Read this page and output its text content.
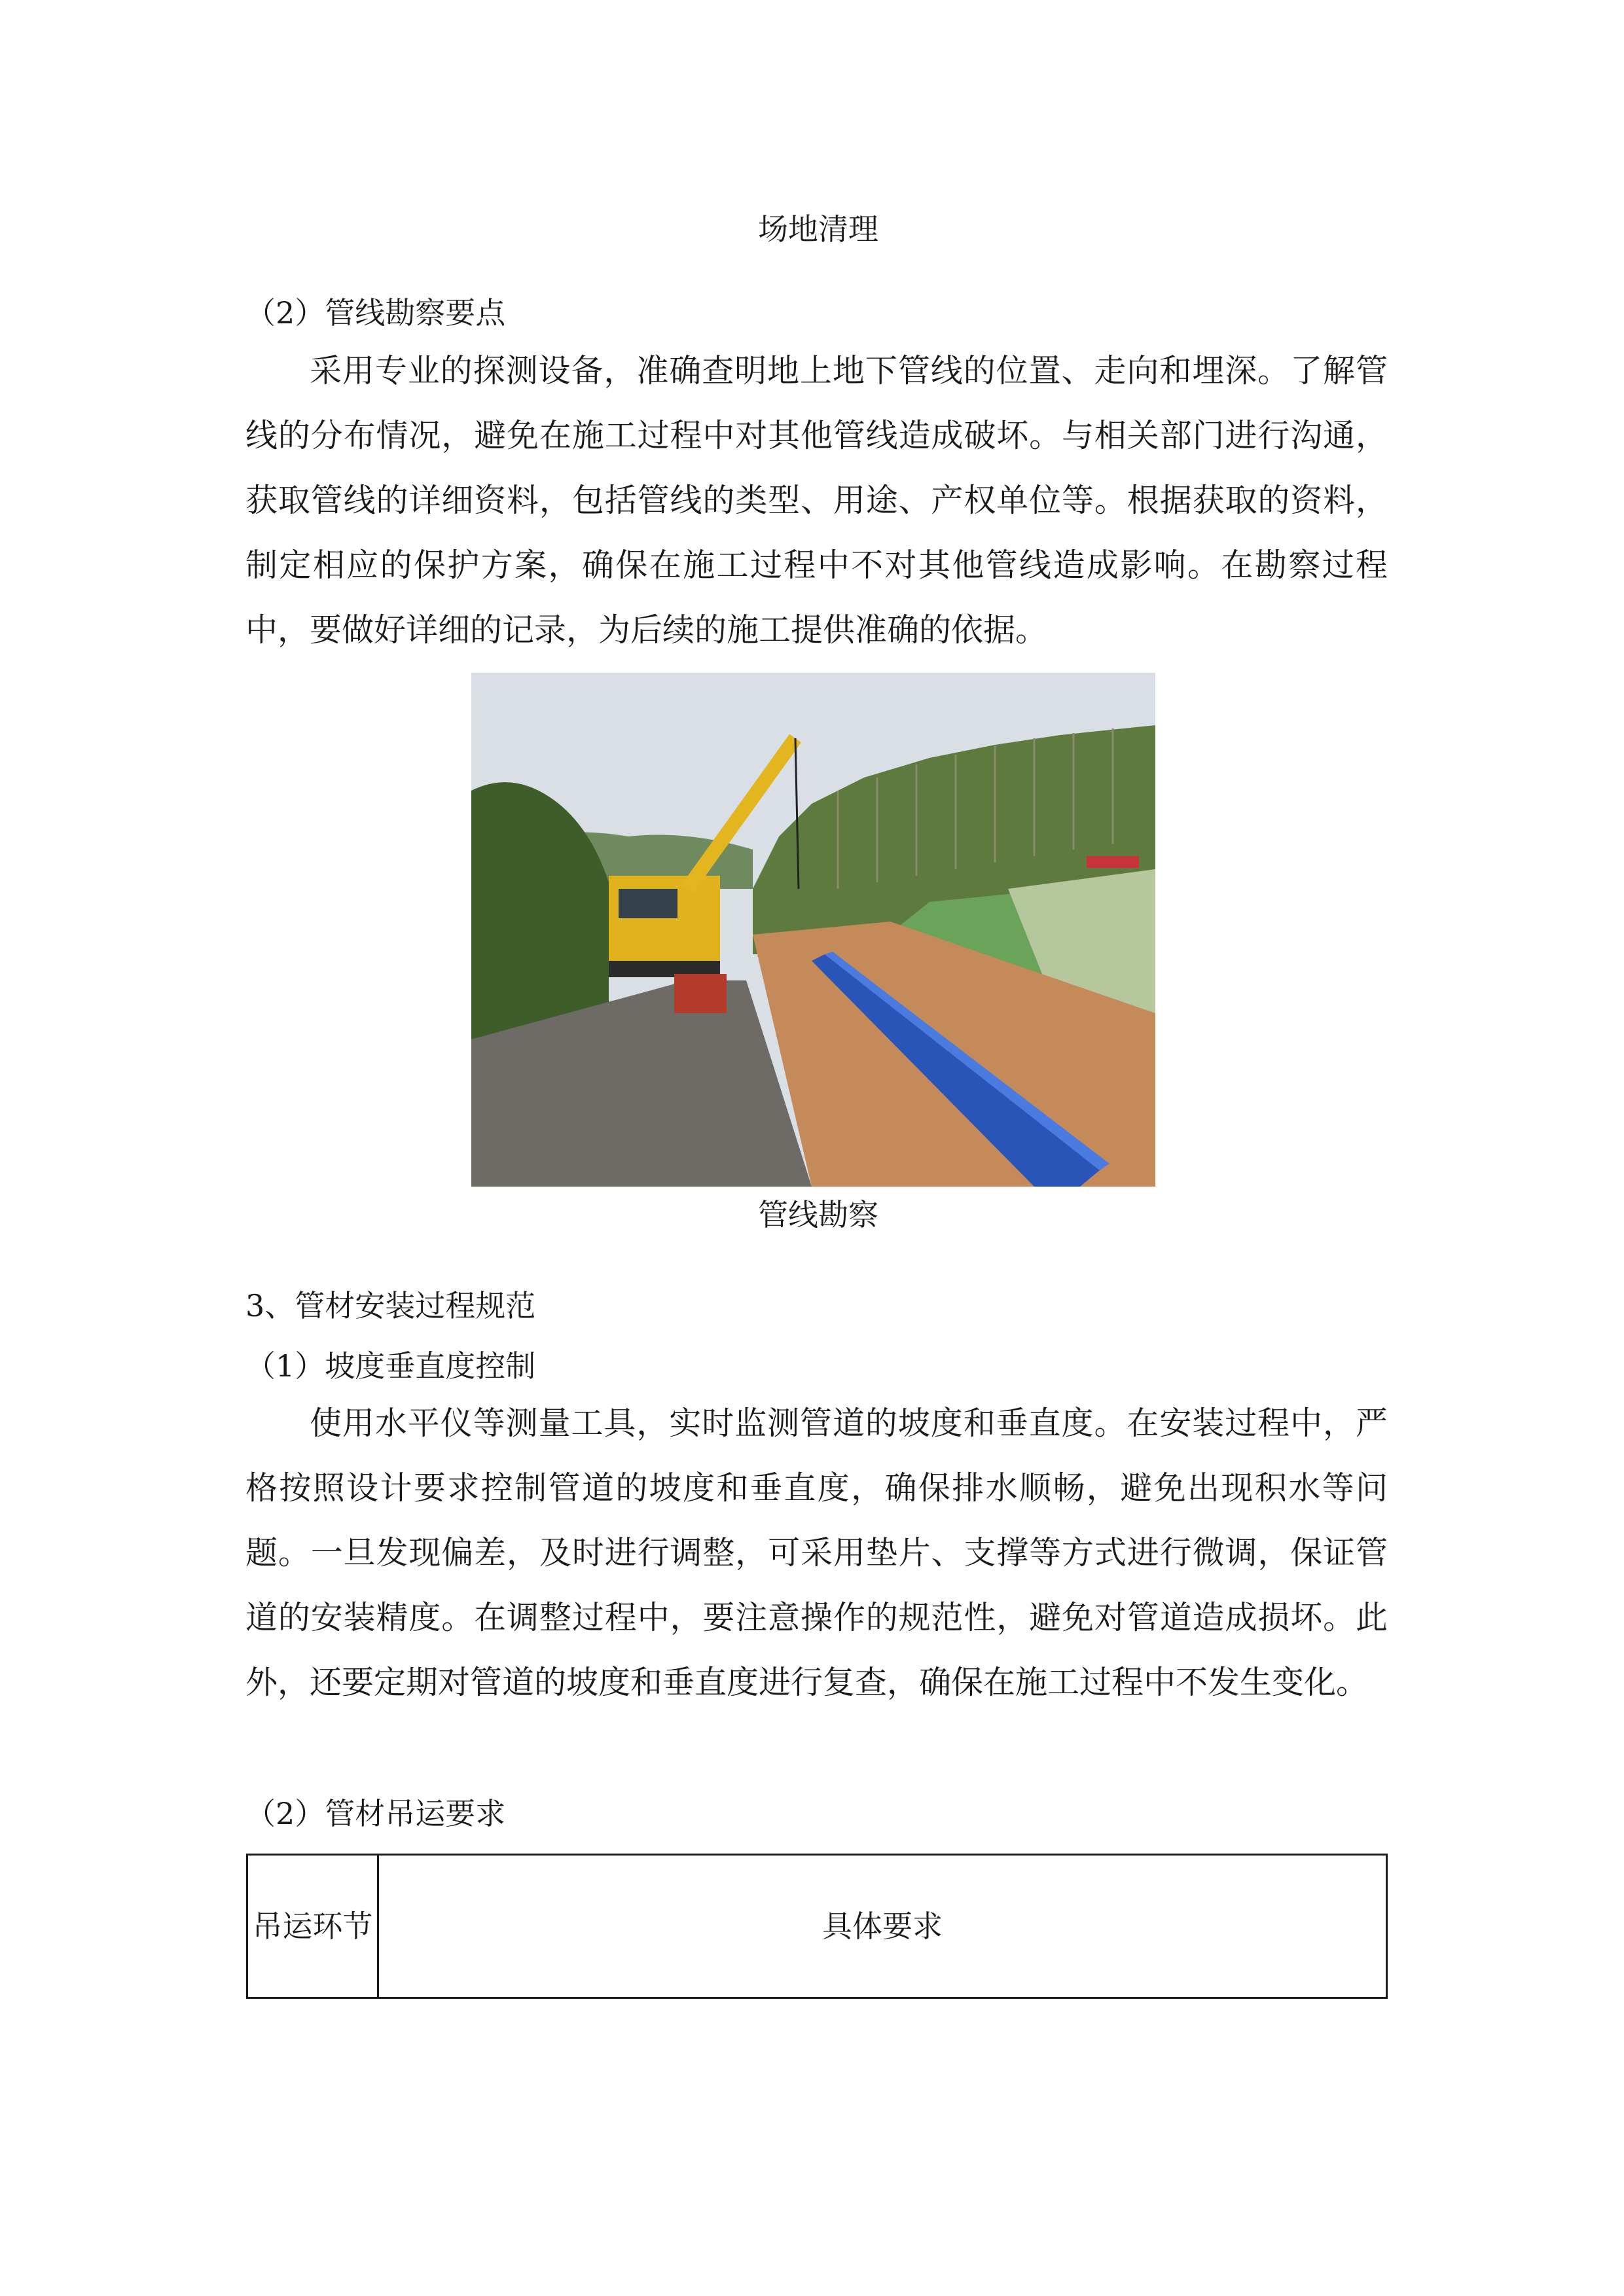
场地清理
（2）管线勘察要点
采用专业的探测设备，准确查明地上地下管线的位置、走向和埋深。了解管线的分布情况，避免在施工过程中对其他管线造成破坏。与相关部门进行沟通，获取管线的详细资料，包括管线的类型、用途、产权单位等。根据获取的资料，制定相应的保护方案，确保在施工过程中不对其他管线造成影响。在勘察过程中，要做好详细的记录，为后续的施工提供准确的依据。
管线勘察
3、管材安装过程规范
（1）坡度垂直度控制
使用水平仪等测量工具，实时监测管道的坡度和垂直度。在安装过程中，严格按照设计要求控制管道的坡度和垂直度，确保排水顺畅，避免出现积水等问题。一旦发现偏差，及时进行调整，可采用垫片、支撑等方式进行微调，保证管道的安装精度。在调整过程中，要注意操作的规范性，避免对管道造成损坏。此外，还要定期对管道的坡度和垂直度进行复查，确保在施工过程中不发生变化。
（2）管材吊运要求
吊运环节	具体要求
